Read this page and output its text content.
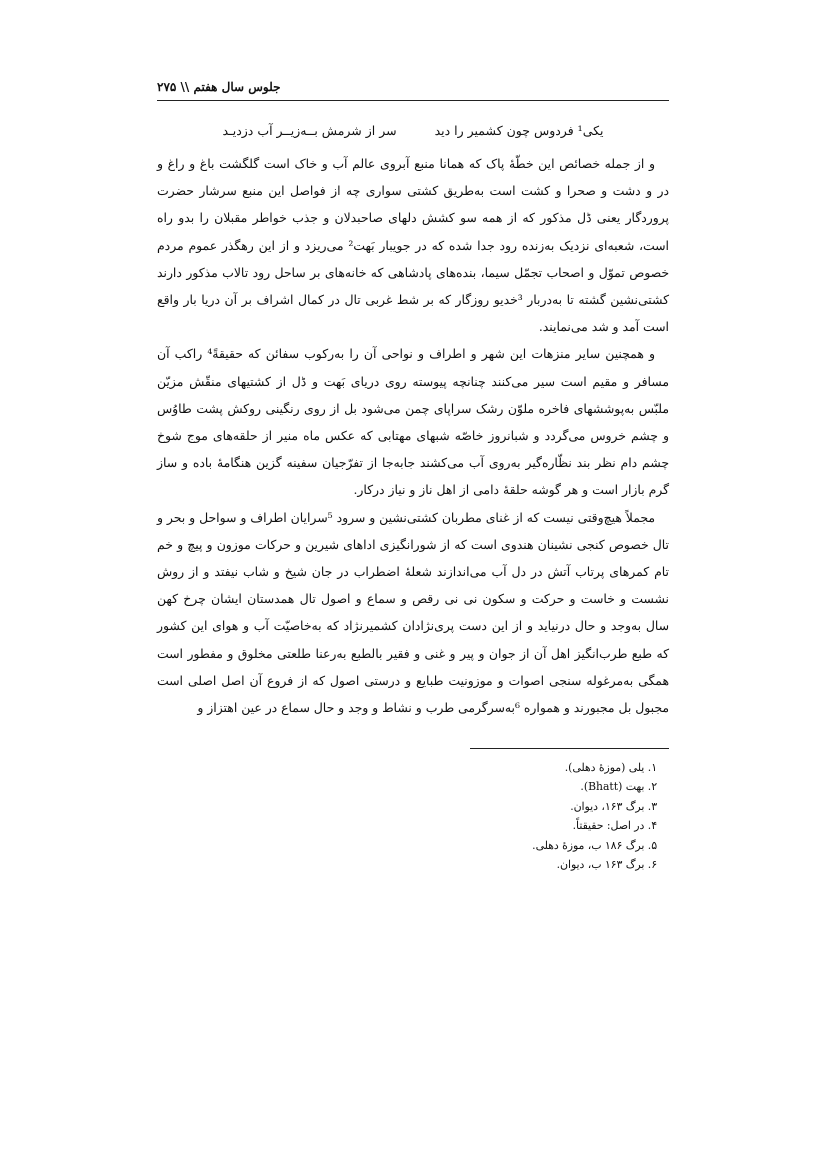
جلوس سال هفتم \\ ۲۷۵
یکی¹ فردوس چون کشمیر را دید  سر از شرمش بــه‌زیــر آب دزدیـد

و از جمله خصائص این خطّهٔ پاک که همانا منبع آبروی عالم آب و خاک است گلگشت باغ و راغ و در و دشت و صحرا و کشت است به‌طریق کشتی سواری چه از فواصل این منبع سرشار حضرت پروردگار یعنی ڈل مذکور که از همه سو کشش دلهای صاحبدلان و جذب خواطر مقبلان را بدو راه است، شعبه‌ای نزدیک به‌زنده رود جدا شده که در جویبار بَهت² می‌ریزد و از این رهگذر عموم مردم خصوص تموّل و اصحاب تجمّل سیما، بنده‌های پادشاهی که خانه‌های بر ساحل رود تالاب مذکور دارند کشتی‌نشین گشته تا به‌دربار ³خدیو روزگار که بر شط غربی تال در کمال اشراف بر آن دریا بار واقع است آمد و شد می‌نمایند.

و همچنین سایر منزهات این شهر و اطراف و نواحی آن را به‌رکوب سفائن که حقیقةً⁴ راکب آن مسافر و مقیم است سیر می‌کنند چنانچه پیوسته روی دریای بَهت و ڈل از کشتیهای منقّش مزیّن ملبّس به‌پوششهای فاخره ملوّن رشک سراپای چمن می‌شود بل از روی رنگینی روکش پشت طاوُس و چشم خروس می‌گردد و شبانروز خاصّه شبهای مهتابی که عکس ماه منیر از حلقه‌های موج شوخ چشم دام نظر بند نظّاره‌گیر به‌روی آب می‌کشند جابه‌جا از تفرّجیان سفینه گزین هنگامهٔ باده و ساز گرم بازار است و هر گوشه حلقهٔ دامی از اهل ناز و نیاز درکار.

مجملاً هیچ‌وقتی نیست که از غنای مطربان کشتی‌نشین و سرود ⁵سرایان اطراف و سواحل و بحر و تال خصوص کنجی نشینان هندوی است که از شورانگیزی اداهای شیرین و حرکات موزون و پیچ و خم تام کمرهای پرتاب آتش در دل آب می‌اندازند شعلهٔ اضطراب در جان شیخ و شاب نیفتد و از روش نشست و خاست و حرکت و سکون نی نی رقص و سماع و اصول تال همدستان ایشان چرخ کهن سال به‌وجد و حال درنیاید و از این دست پری‌نژادان کشمیرنژاد که به‌خاصیّت آب و هوای این کشور که طبع طرب‌انگیز اهل آن از جوان و پیر و غنی و فقیر بالطبع به‌رعنا طلعتی مخلوق و مفطور است همگی به‌مرغوله سنجی اصوات و موزونیت طبایع و درستی اصول که از فروع آن اصل اصلی است مجبول بل مجبورند و همواره ⁶به‌سرگرمی طرب و نشاط و وجد و حال سماع در عین اهتزاز و

۱. یلی (موزهٔ دهلی).
۲. بهت (Bhatt).
۳. برگ ۱۶۳، دیوان.
۴. در اصل: حقیقتاً.
۵. برگ ۱۸۶ ب، موزهٔ دهلی.
۶. برگ ۱۶۳ ب، دیوان.
